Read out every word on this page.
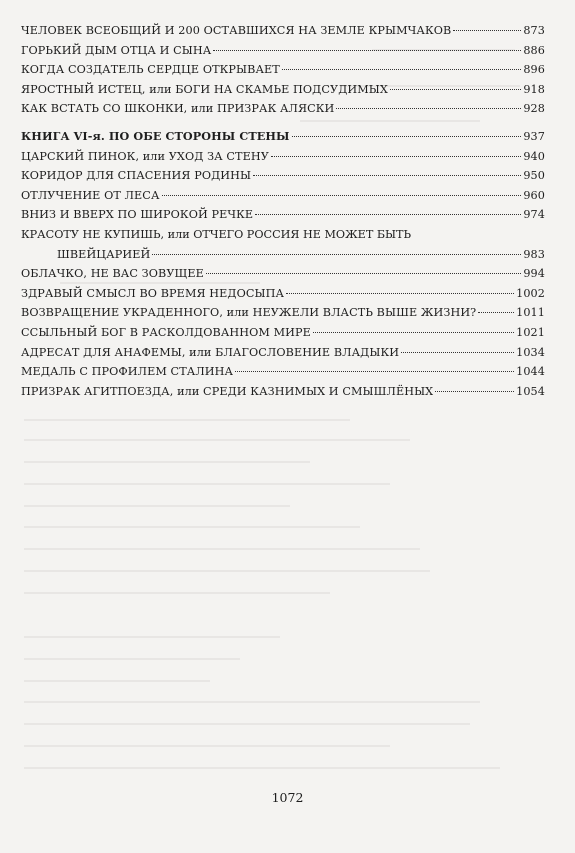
ЧЕЛОВЕК ВСЕОБЩИЙ И 200 ОСТАВШИХСЯ НА ЗЕМЛЕ КРЫМЧАКОВ	873
ГОРЬКИЙ ДЫМ ОТЦА И СЫНА	886
КОГДА СОЗДАТЕЛЬ СЕРДЦЕ ОТКРЫВАЕТ	896
ЯРОСТНЫЙ ИСТЕЦ, или БОГИ НА СКАМЬЕ ПОДСУДИМЫХ	918
КАК ВСТАТЬ СО ШКОНКИ, или ПРИЗРАК АЛЯСКИ	928
КНИГА VI-я. ПО ОБЕ СТОРОНЫ СТЕНЫ	937
ЦАРСКИЙ ПИНОК, или УХОД ЗА СТЕНУ	940
КОРИДОР ДЛЯ СПАСЕНИЯ РОДИНЫ	950
ОТЛУЧЕНИЕ ОТ ЛЕСА	960
ВНИЗ И ВВЕРХ ПО ШИРОКОЙ РЕЧКЕ	974
КРАСОТУ НЕ КУПИШЬ, или ОТЧЕГО РОССИЯ НЕ МОЖЕТ БЫТЬ
ШВЕЙЦАРИЕЙ	983
ОБЛАЧКО, НЕ ВАС ЗОВУЩЕЕ	994
ЗДРАВЫЙ СМЫСЛ ВО ВРЕМЯ НЕДОСЫПА	1002
ВОЗВРАЩЕНИЕ УКРАДЕННОГО, или НЕУЖЕЛИ ВЛАСТЬ ВЫШЕ ЖИЗНИ?	1011
ССЫЛЬНЫЙ БОГ В РАСКОЛДОВАННОМ МИРЕ	1021
АДРЕСАТ ДЛЯ АНАФЕМЫ, или БЛАГОСЛОВЕНИЕ ВЛАДЫКИ	1034
МЕДАЛЬ С ПРОФИЛЕМ СТАЛИНА	1044
ПРИЗРАК АГИТПОЕЗДА, или СРЕДИ КАЗНИМЫХ И СМЫШЛЁНЫХ	1054
1072
